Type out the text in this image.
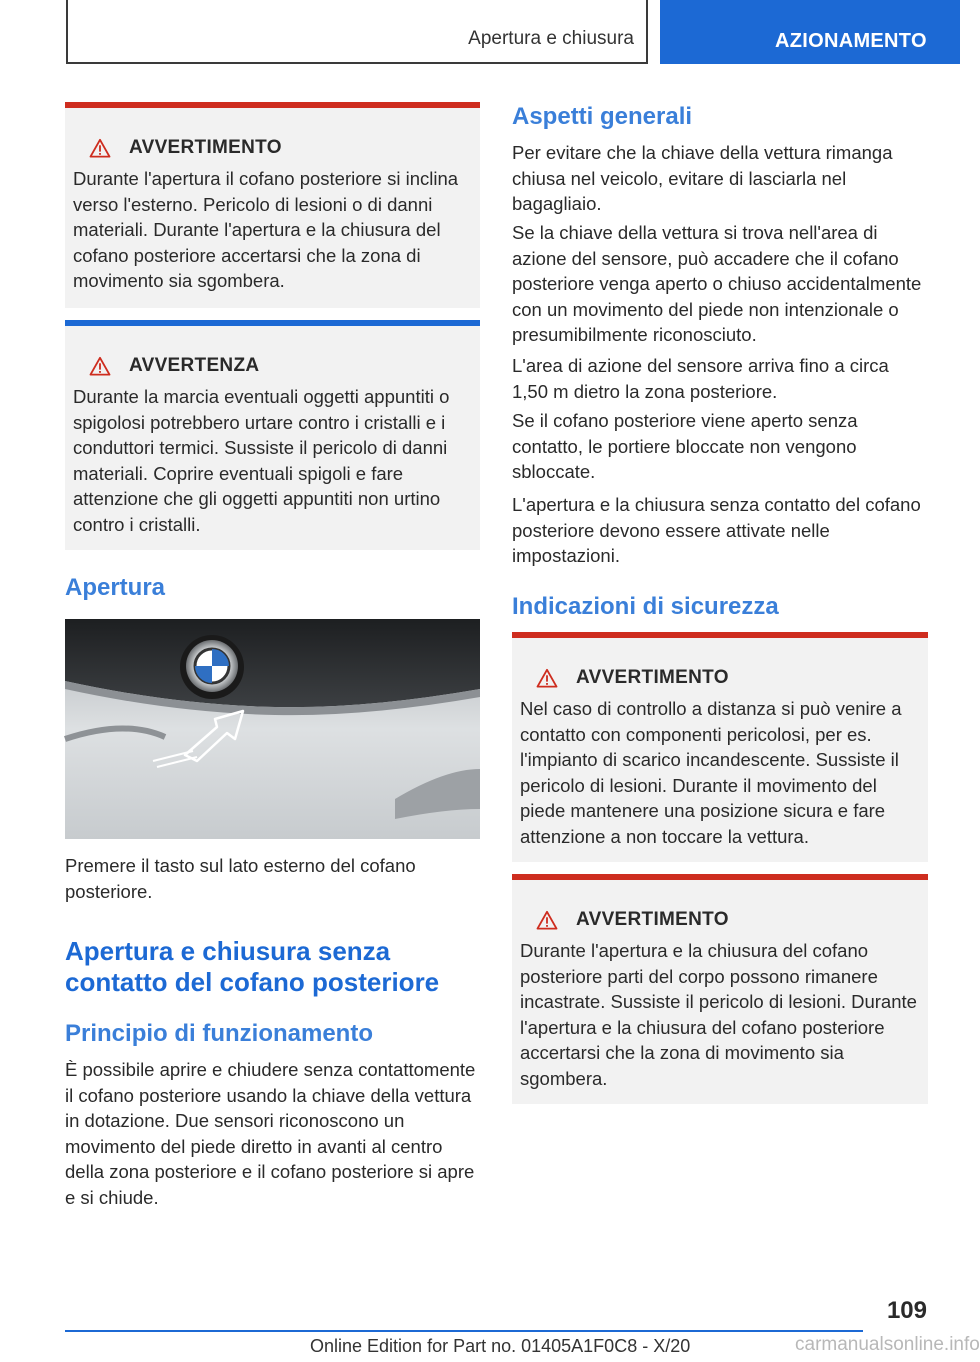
Apertura e chiusura	AZIONAMENTO
AVVERTIMENTO

Durante l'apertura il cofano posteriore si inclina verso l'esterno. Pericolo di lesioni o di danni materiali. Durante l'apertura e la chiusura del cofano posteriore accertarsi che la zona di movimento sia sgombera.

AVVERTENZA

Durante la marcia eventuali oggetti appuntiti o spigolosi potrebbero urtare contro i cristalli e i conduttori termici. Sussiste il pericolo di danni materiali. Coprire eventuali spigoli e fare attenzione che gli oggetti appuntiti non urtino contro i cristalli.

Apertura

Premere il tasto sul lato esterno del cofano posteriore.

Apertura e chiusura senza contatto del cofano posteriore
Principio di funzionamento

È possibile aprire e chiudere senza contattomente il cofano posteriore usando la chiave della vettura in dotazione. Due sensori riconoscono un movimento del piede diretto in avanti al centro della zona posteriore e il cofano posteriore si apre e si chiude.

Aspetti generali

Per evitare che la chiave della vettura rimanga chiusa nel veicolo, evitare di lasciarla nel bagagliaio.

Se la chiave della vettura si trova nell'area di azione del sensore, può accadere che il cofano posteriore venga aperto o chiuso accidentalmente con un movimento del piede non intenzionale o presumibilmente riconosciuto.

L'area di azione del sensore arriva fino a circa 1,50 m dietro la zona posteriore.

Se il cofano posteriore viene aperto senza contatto, le portiere bloccate non vengono sbloccate.

L'apertura e la chiusura senza contatto del cofano posteriore devono essere attivate nelle impostazioni.

Indicazioni di sicurezza
AVVERTIMENTO

Nel caso di controllo a distanza si può venire a contatto con componenti pericolosi, per es. l'impianto di scarico incandescente. Sussiste il pericolo di lesioni. Durante il movimento del piede mantenere una posizione sicura e fare attenzione a non toccare la vettura.

AVVERTIMENTO

Durante l'apertura e la chiusura del cofano posteriore parti del corpo possono rimanere incastrate. Sussiste il pericolo di lesioni. Durante l'apertura e la chiusura del cofano posteriore accertarsi che la zona di movimento sia sgombera.

109
Online Edition for Part no. 01405A1F0C8 - X/20	carmanualsonline.info
